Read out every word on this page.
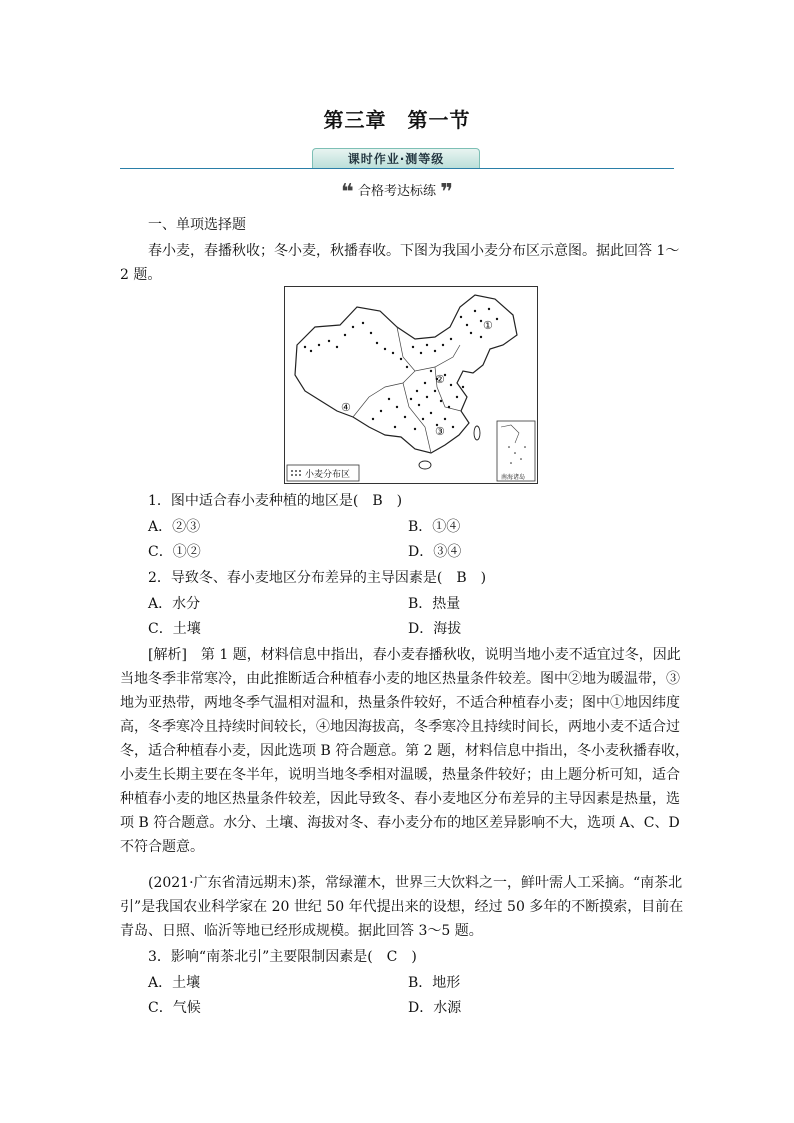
第三章　第一节
课时作业·测等级
❝ 合格考达标练 ❞
一、单项选择题
春小麦，春播秋收；冬小麦，秋播春收。下图为我国小麦分布区示意图。据此回答 1～
2 题。
①
②
③
④
小麦分布区	南海诸岛
1．图中适合春小麦种植的地区是(　B　)
A．②③	B．①④
C．①②	D．③④
2．导致冬、春小麦地区分布差异的主导因素是(　B　)
A．水分	B．热量
C．土壤	D．海拔
[解析]　第 1 题，材料信息中指出，春小麦春播秋收，说明当地小麦不适宜过冬，因此
当地冬季非常寒冷，由此推断适合种植春小麦的地区热量条件较差。图中②地为暖温带，③
地为亚热带，两地冬季气温相对温和，热量条件较好，不适合种植春小麦；图中①地因纬度
高，冬季寒冷且持续时间较长，④地因海拔高，冬季寒冷且持续时间长，两地小麦不适合过
冬，适合种植春小麦，因此选项 B 符合题意。第 2 题，材料信息中指出，冬小麦秋播春收，
小麦生长期主要在冬半年，说明当地冬季相对温暖，热量条件较好；由上题分析可知，适合
种植春小麦的地区热量条件较差，因此导致冬、春小麦地区分布差异的主导因素是热量，选
项 B 符合题意。水分、土壤、海拔对冬、春小麦分布的地区差异影响不大，选项 A、C、D
不符合题意。
(2021·广东省清远期末)茶，常绿灌木，世界三大饮料之一，鲜叶需人工采摘。“南茶北
引”是我国农业科学家在 20 世纪 50 年代提出来的设想，经过 50 多年的不断摸索，目前在
青岛、日照、临沂等地已经形成规模。据此回答 3～5 题。
3．影响“南茶北引”主要限制因素是(　C　)
A．土壤	B．地形
C．气候	D．水源
